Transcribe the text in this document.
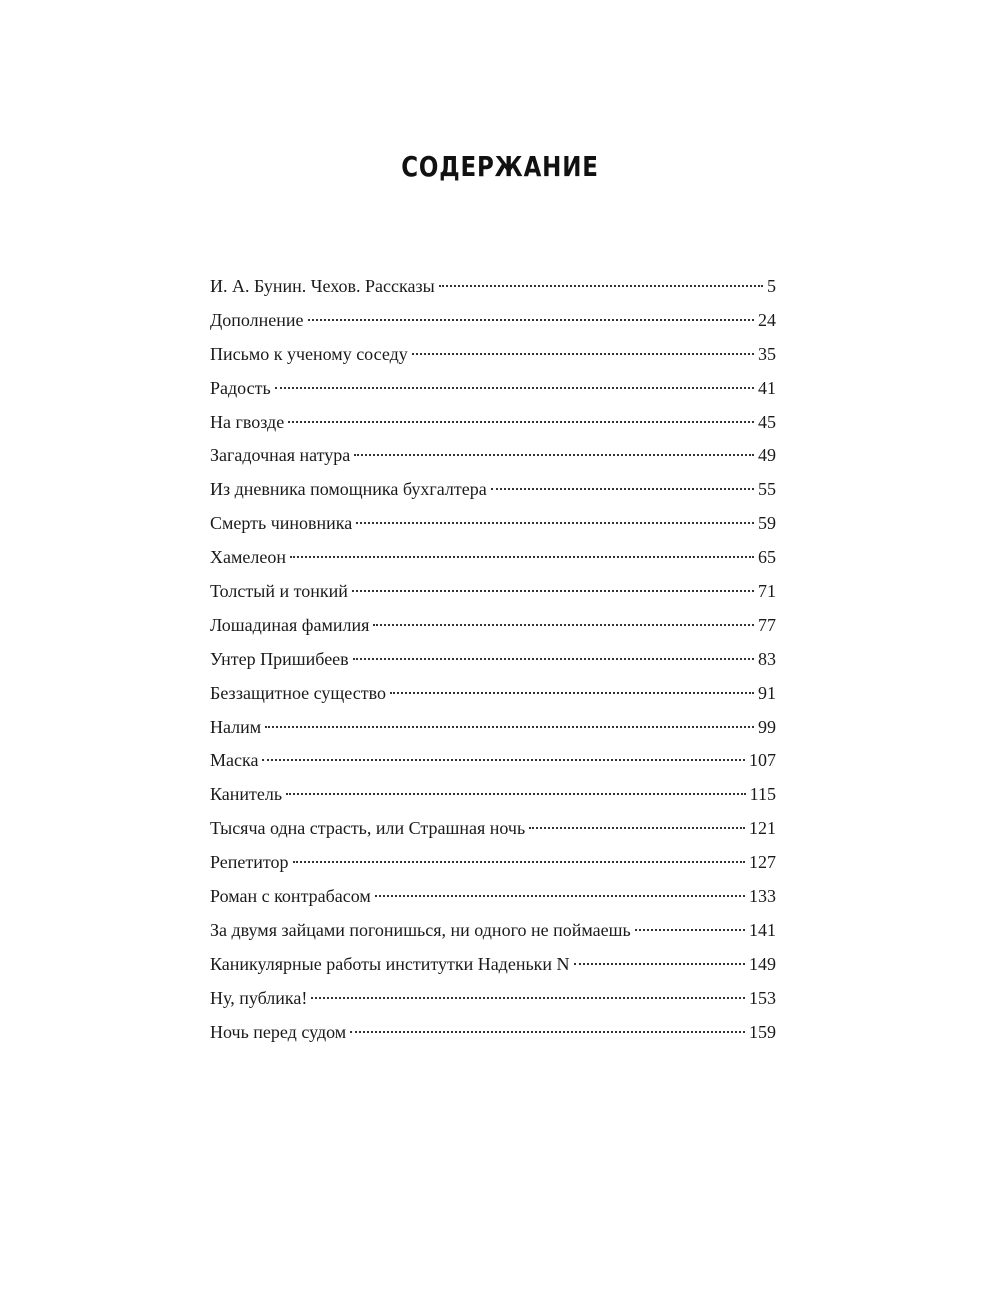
СОДЕРЖАНИЕ
И. А. Бунин. Чехов. Рассказы	5
Дополнение	24
Письмо к ученому соседу	35
Радость	41
На гвозде	45
Загадочная натура	49
Из дневника помощника бухгалтера	55
Смерть чиновника	59
Хамелеон	65
Толстый и тонкий	71
Лошадиная фамилия	77
Унтер Пришибеев	83
Беззащитное существо	91
Налим	99
Маска	107
Канитель	115
Тысяча одна страсть, или Страшная ночь	121
Репетитор	127
Роман с контрабасом	133
За двумя зайцами погонишься, ни одного не поймаешь	141
Каникулярные работы институтки Наденьки N	149
Ну, публика!	153
Ночь перед судом	159
